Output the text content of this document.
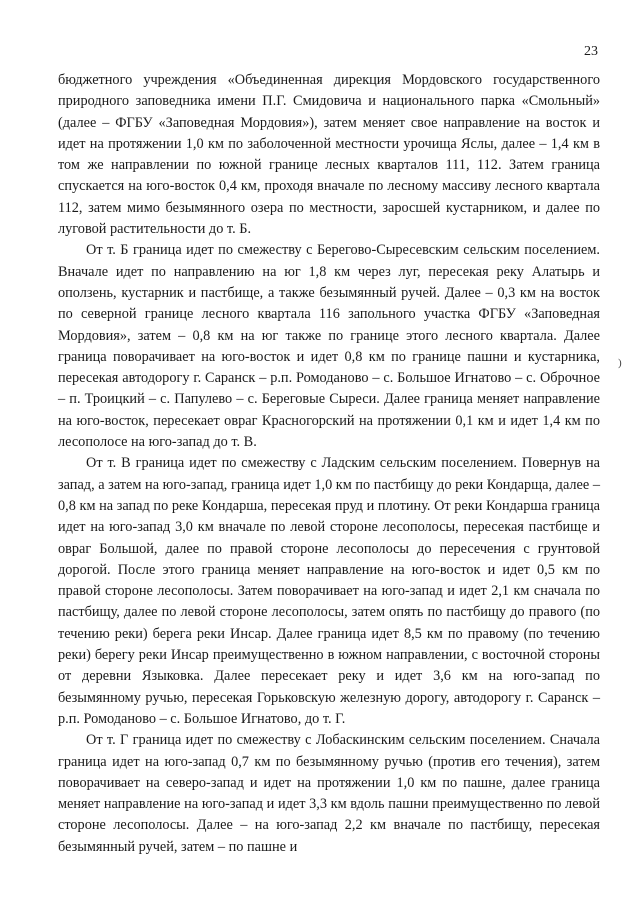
23
)

бюджетного учреждения «Объединенная дирекция Мордовского государственного природного заповедника имени П.Г. Смидовича и национального парка «Смольный» (далее – ФГБУ «Заповедная Мордовия»), затем меняет свое направление на восток и идет на протяжении 1,0 км по заболоченной местности урочища Яслы, далее – 1,4 км в том же направлении по южной границе лесных кварталов 111, 112. Затем граница спускается на юго-восток 0,4 км, проходя вначале по лесному массиву лесного квартала 112, затем мимо безымянного озера по местности, заросшей кустарником, и далее по луговой растительности до т. Б.

От т. Б граница идет по смежеству с Берегово-Сыресевским сельским поселением. Вначале идет по направлению на юг 1,8 км через луг, пересекая реку Алатырь и оползень, кустарник и пастбище, а также безымянный ручей. Далее – 0,3 км на восток по северной границе лесного квартала 116 запольного участка ФГБУ «Заповедная Мордовия», затем – 0,8 км на юг также по границе этого лесного квартала. Далее граница поворачивает на юго-восток и идет 0,8 км по границе пашни и кустарника, пересекая автодорогу г. Саранск – р.п. Ромоданово – с. Большое Игнатово – с. Оброчное – п. Троицкий – с. Папулево – с. Береговые Сыреси. Далее граница меняет направление на юго-восток, пересекает овраг Красногорский на протяжении 0,1 км и идет 1,4 км по лесополосе на юго-запад до т. В.

От т. В граница идет по смежеству с Ладским сельским поселением. Повернув на запад, а затем на юго-запад, граница идет 1,0 км по пастбищу до реки Кондарща, далее – 0,8 км на запад по реке Кондарша, пересекая пруд и плотину. От реки Кондарша граница идет на юго-запад 3,0 км вначале по левой стороне лесополосы, пересекая пастбище и овраг Большой, далее по правой стороне лесополосы до пересечения с грунтовой дорогой. После этого граница меняет направление на юго-восток и идет 0,5 км по правой стороне лесополосы. Затем поворачивает на юго-запад и идет 2,1 км сначала по пастбищу, далее по левой стороне лесополосы, затем опять по пастбищу до правого (по течению реки) берега реки Инсар. Далее граница идет 8,5 км по правому (по течению реки) берегу реки Инсар преимущественно в южном направлении, с восточной стороны от деревни Языковка. Далее пересекает реку и идет 3,6 км на юго-запад по безымянному ручью, пересекая Горьковскую железную дорогу, автодорогу г. Саранск – р.п. Ромоданово – с. Большое Игнатово, до т. Г.

От т. Г граница идет по смежеству с Лобаскинским сельским поселением. Сначала граница идет на юго-запад 0,7 км по безымянному ручью (против его течения), затем поворачивает на северо-запад и идет на протяжении 1,0 км по пашне, далее граница меняет направление на юго-запад и идет 3,3 км вдоль пашни преимущественно по левой стороне лесополосы. Далее – на юго-запад 2,2 км вначале по пастбищу, пересекая безымянный ручей, затем – по пашне и
